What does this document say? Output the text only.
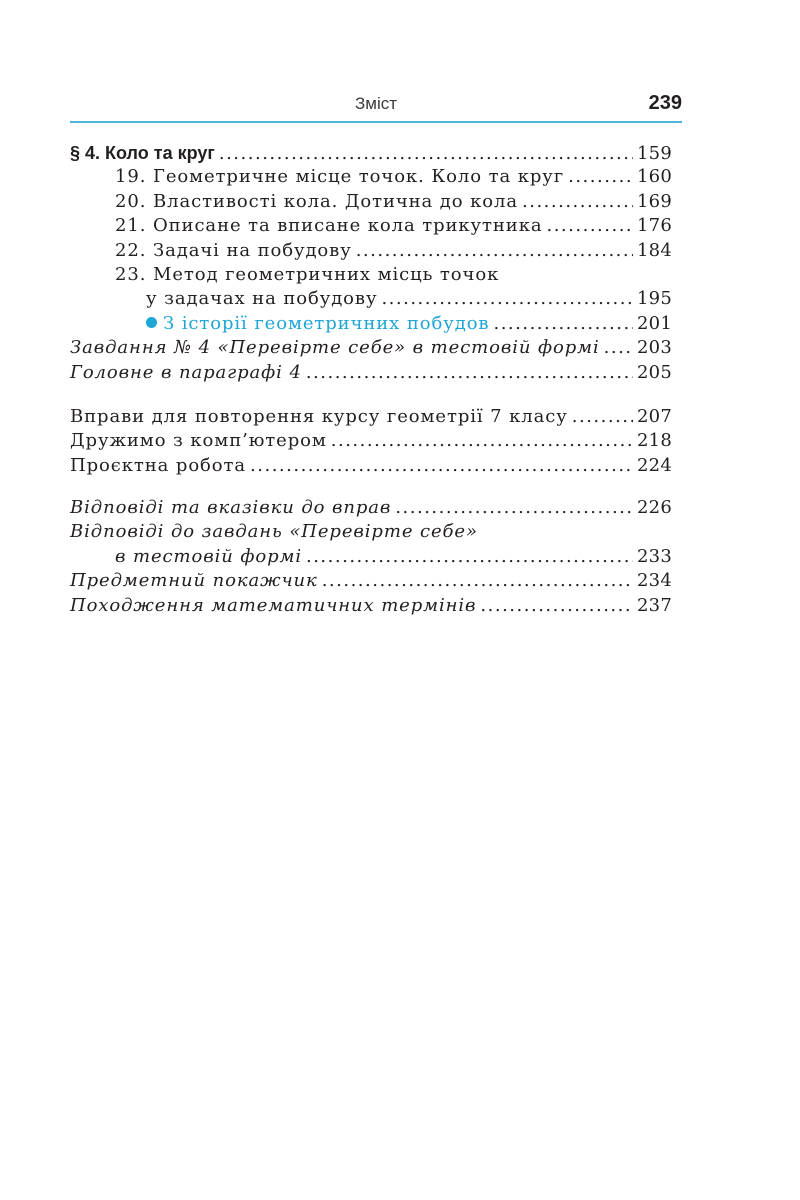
Зміст	239
§ 4. Коло та круг .....	159
19. Геометричне місце точок. Коло та круг .....	160
20. Властивості кола. Дотична до кола .....	169
21. Описане та вписане кола трикутника .....	176
22. Задачі на побудову .....	184
23. Метод геометричних місць точок
у задачах на побудову .....	195
З історії геометричних побудов .....	201
Завдання № 4 «Перевірте себе» в тестовій формі ..... 203
Головне в параграфі 4 .....	205
Вправи для повторення курсу геометрії 7 класу .....	207
Дружимо з комп’ютером .....	218
Проєктна робота .....	224
Відповіді та вказівки до вправ .....	226
Відповіді до завдань «Перевірте себе»
в тестовій формі .....	233
Предметний покажчик .....	234
Походження математичних термінів .....	237
